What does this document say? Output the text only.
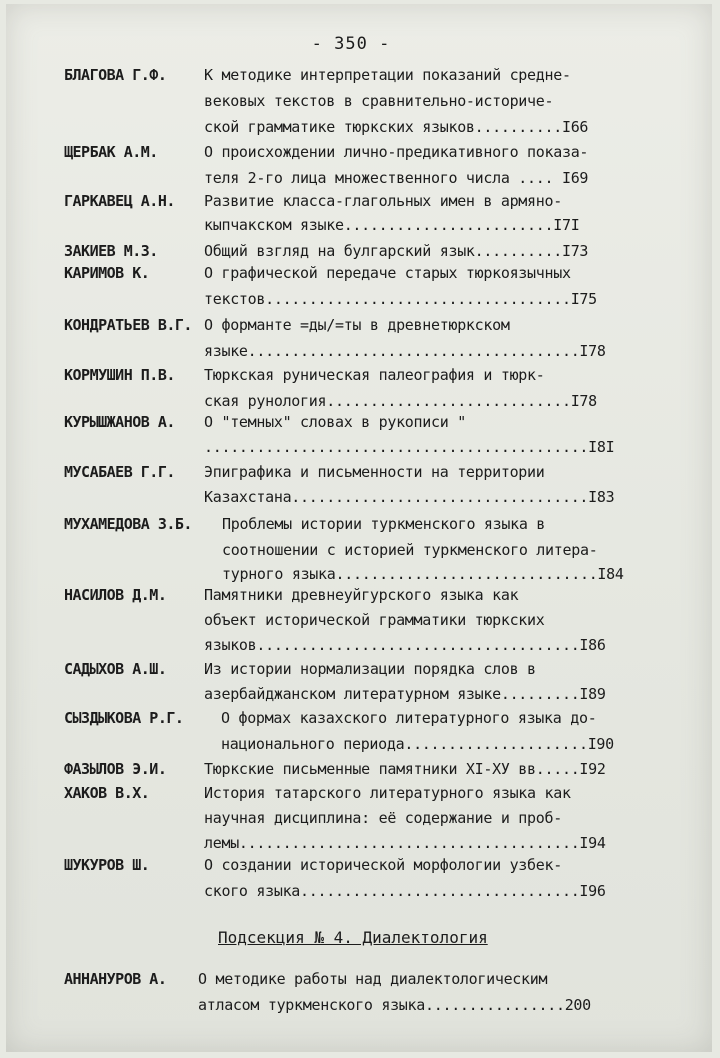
- 350 -
БЛАГОВА Г.Ф.	К методике интерпретации показаний средне-
вековых текстов в сравнительно-историче-
ской грамматике тюркских языков..........I66
ЩЕРБАК А.М.	О происхождении лично-предикативного показа-
теля 2-го лица множественного числа .... I69
ГАРКАВЕЦ А.Н. Развитие класса-глагольных имен в армяно-
кыпчакском языке........................I7I
ЗАКИЕВ М.З.	Общий взгляд на булгарский язык..........I73
КАРИМОВ К.	О графической передаче старых тюркоязычных
текстов...................................I75
КОНДРАТЬЕВ В.Г. О форманте =ды/=ты в древнетюркском
языке......................................I78
КОРМУШИН П.В. Тюркская руническая палеография и тюрк-
ская рунология............................I78
КУРЫШЖАНОВ А. О "темных" словах в рукописи "
............................................I8I
МУСАБАЕВ Г.Г. Эпиграфика и письменности на территории
Казахстана..................................I83
МУХАМЕДОВА З.Б. Проблемы истории туркменского языка в
соотношении с историей туркменского литера-
турного языка..............................I84
НАСИЛОВ Д.М.	Памятники древнеуйгурского языка как
объект исторической грамматики тюркских
языков.....................................I86
САДЫХОВ А.Ш.	Из истории нормализации порядка слов в
азербайджанском литературном языке.........I89
СЫЗДЫКОВА Р.Г.	О формах казахского литературного языка до-
национального периода.....................I90
ФАЗЫЛОВ Э.И.	Тюркские письменные памятники XI-ХУ вв.....I92
ХАКОВ В.Х.	История татарского литературного языка как
научная дисциплина: её содержание и проб-
лемы.......................................I94
ШУКУРОВ Ш.	О создании исторической морфологии узбек-
ского языка................................I96
Подсекция № 4. Диалектология
АННАНУРОВ А. О методике работы над диалектологическим
атласом туркменского языка................200
